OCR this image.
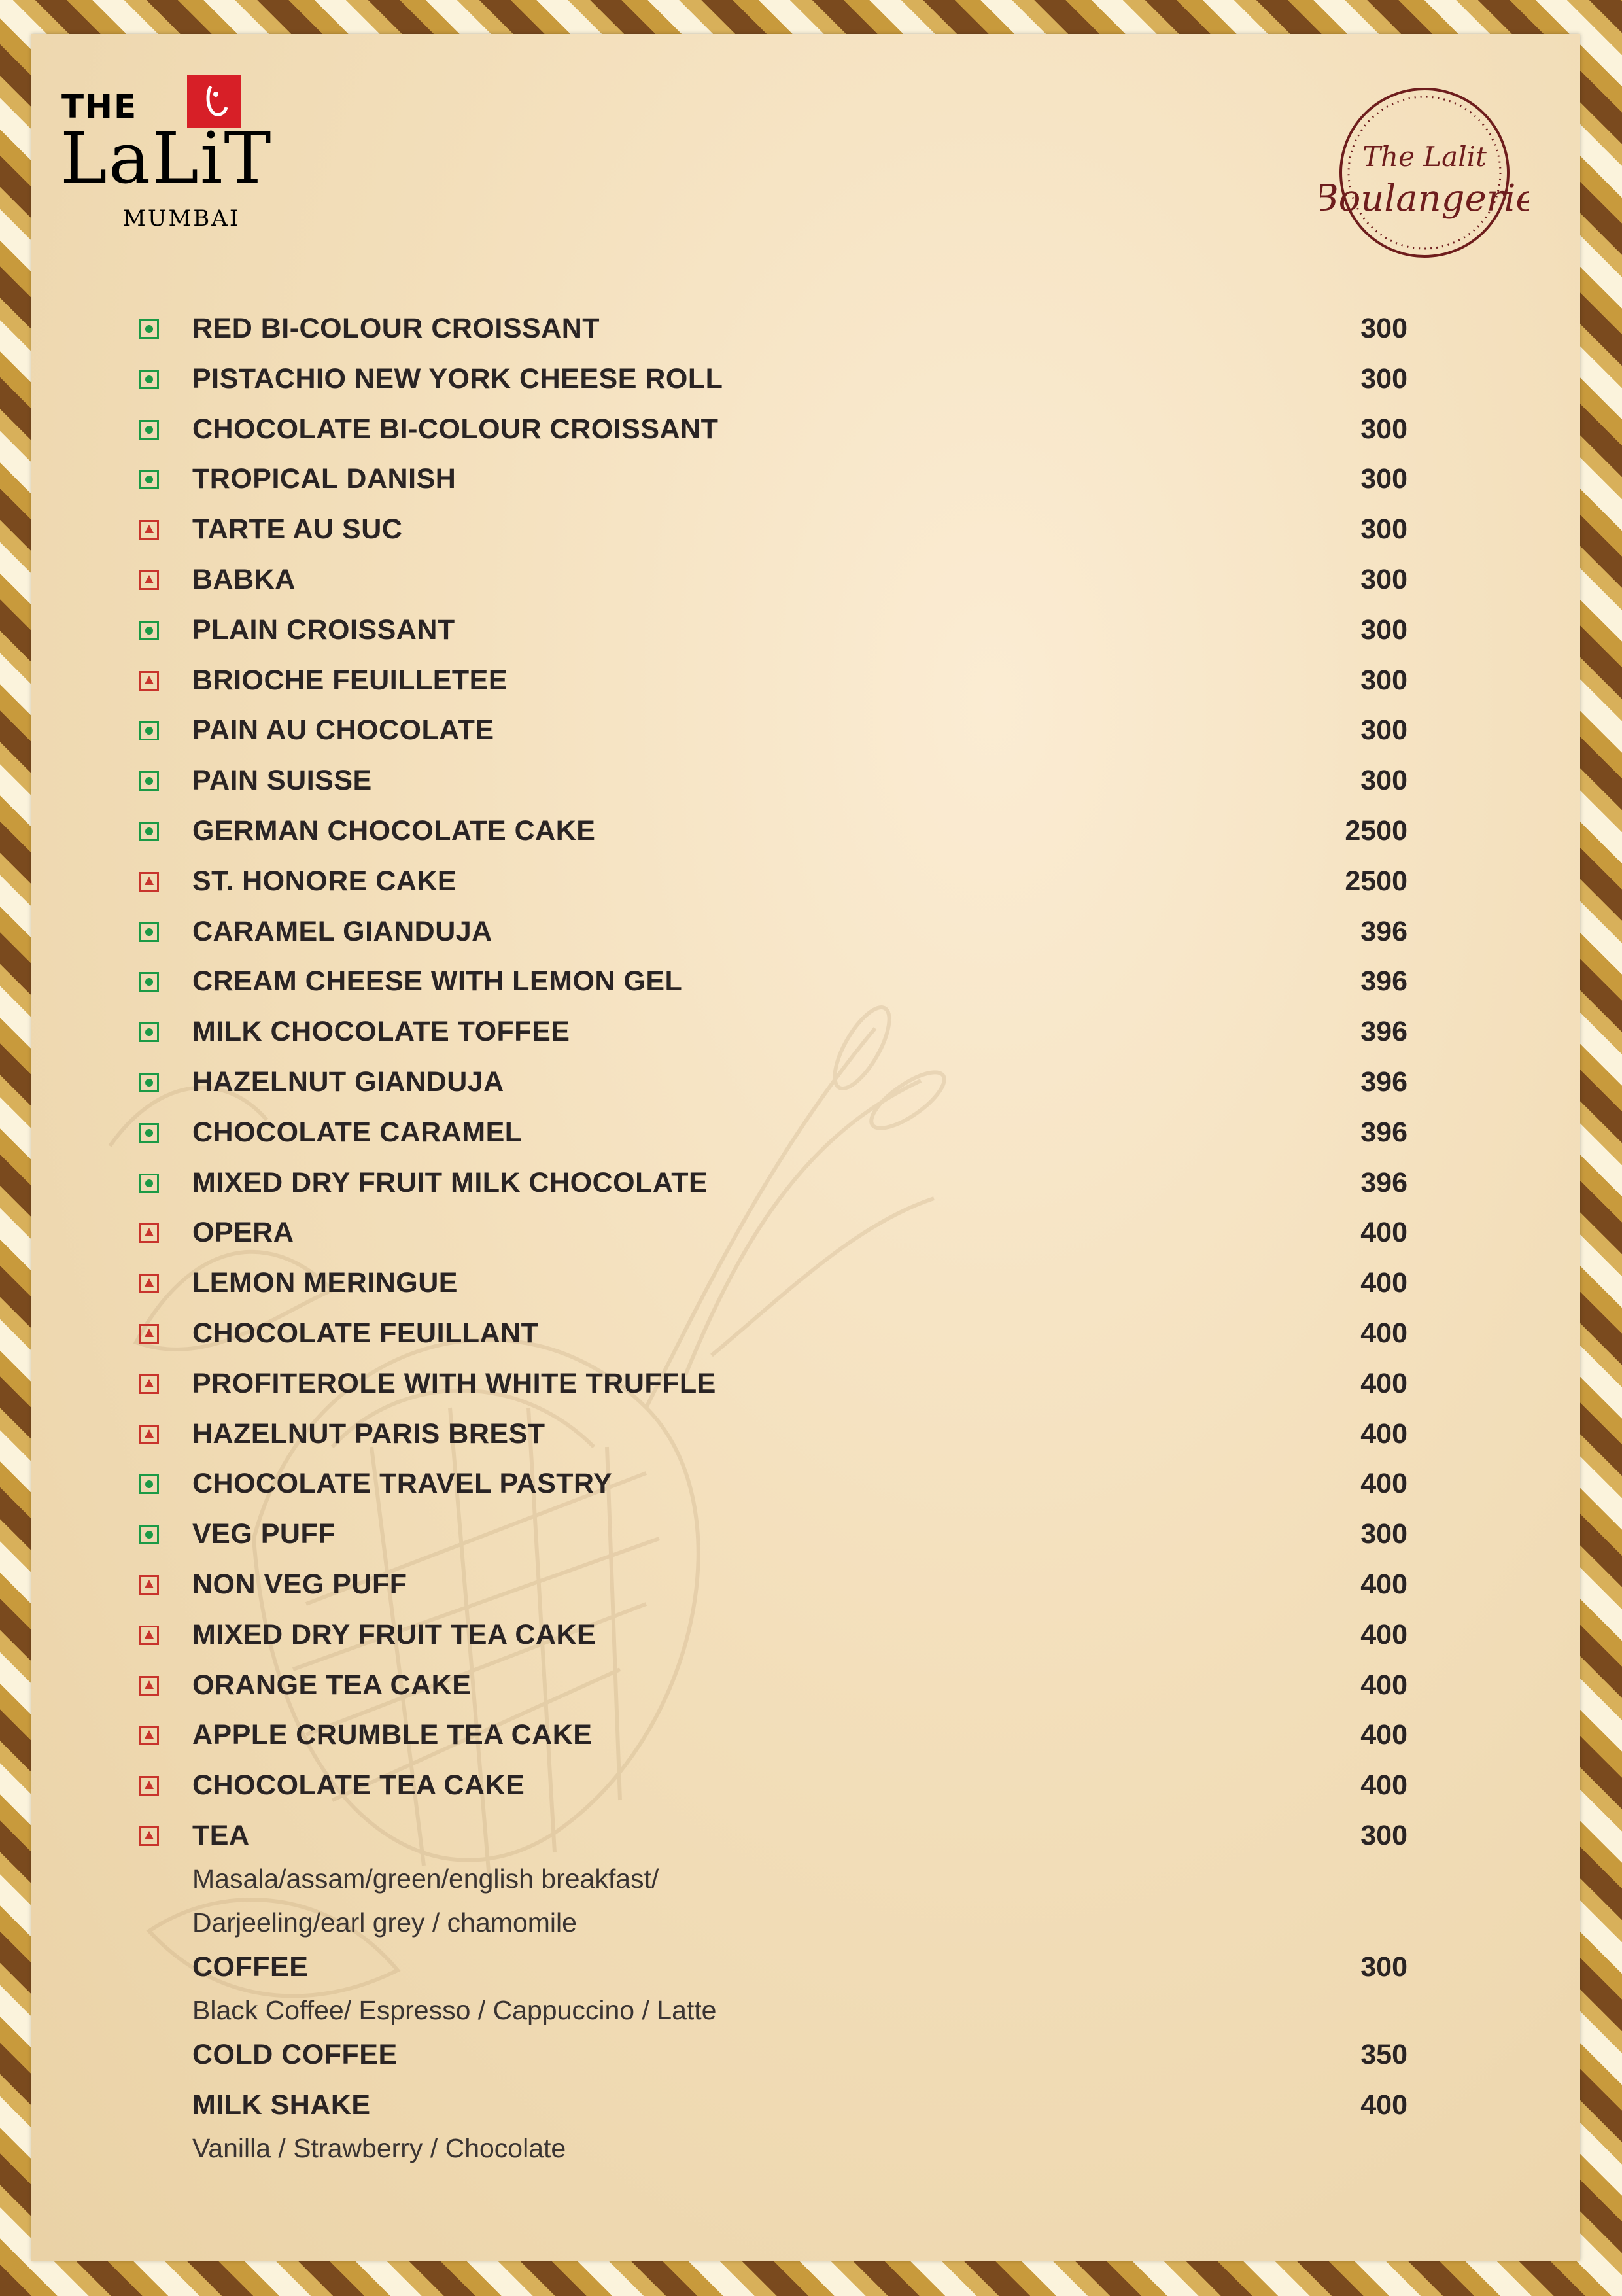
THE
LaLiT
MUMBAI
The Lalit
Boulangerie
RED BI-COLOUR CROISSANT	300
PISTACHIO NEW YORK CHEESE ROLL	300
CHOCOLATE BI-COLOUR CROISSANT	300
TROPICAL DANISH	300
TARTE AU SUC	300
BABKA	300
PLAIN CROISSANT	300
BRIOCHE FEUILLETEE	300
PAIN AU CHOCOLATE	300
PAIN SUISSE	300
GERMAN CHOCOLATE CAKE	2500
ST. HONORE CAKE	2500
CARAMEL GIANDUJA	396
CREAM CHEESE WITH LEMON GEL	396
MILK CHOCOLATE TOFFEE	396
HAZELNUT GIANDUJA	396
CHOCOLATE CARAMEL	396
MIXED DRY FRUIT MILK CHOCOLATE	396
OPERA	400
LEMON MERINGUE	400
CHOCOLATE FEUILLANT	400
PROFITEROLE WITH WHITE TRUFFLE	400
HAZELNUT PARIS BREST	400
CHOCOLATE TRAVEL PASTRY	400
VEG PUFF	300
NON VEG PUFF	400
MIXED DRY FRUIT TEA CAKE	400
ORANGE TEA CAKE	400
APPLE CRUMBLE TEA CAKE	400
CHOCOLATE TEA CAKE	400
TEA	300
Masala/assam/green/english breakfast/
Darjeeling/earl grey / chamomile
COFFEE	300
Black Coffee/ Espresso / Cappuccino / Latte
COLD COFFEE	350
MILK SHAKE	400
Vanilla / Strawberry / Chocolate
